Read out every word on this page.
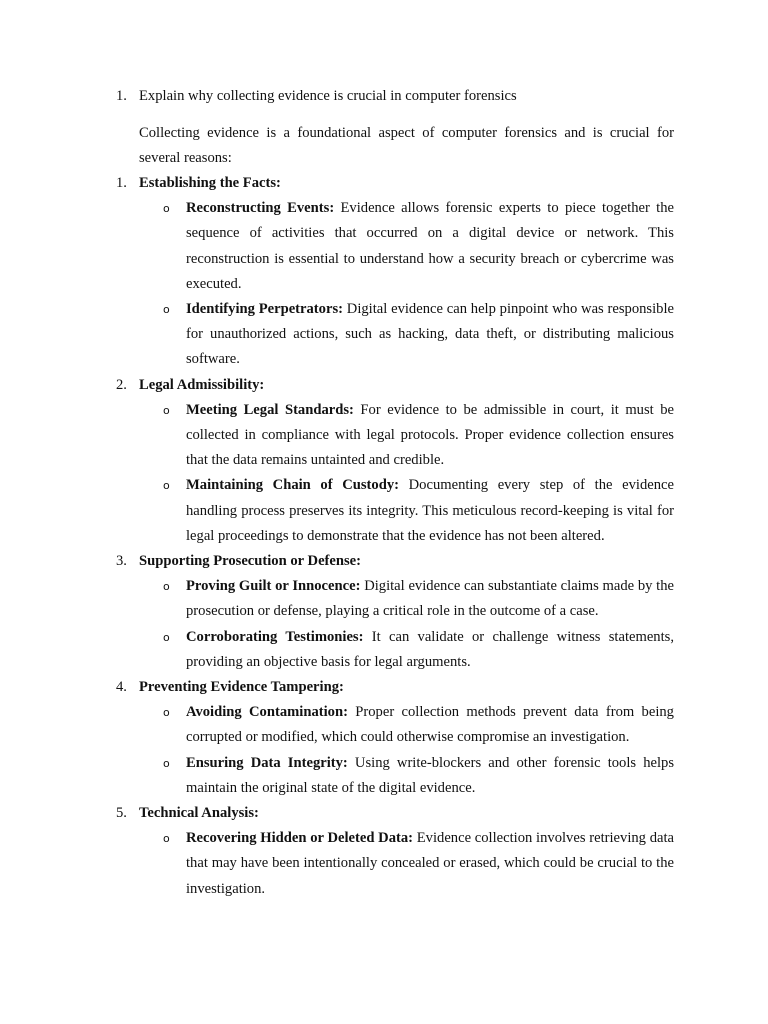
1. Explain why collecting evidence is crucial in computer forensics

Collecting evidence is a foundational aspect of computer forensics and is crucial for several reasons:

1. Establishing the Facts:
o Reconstructing Events: Evidence allows forensic experts to piece together the sequence of activities that occurred on a digital device or network. This reconstruction is essential to understand how a security breach or cybercrime was executed.
o Identifying Perpetrators: Digital evidence can help pinpoint who was responsible for unauthorized actions, such as hacking, data theft, or distributing malicious software.
2. Legal Admissibility:
o Meeting Legal Standards: For evidence to be admissible in court, it must be collected in compliance with legal protocols. Proper evidence collection ensures that the data remains untainted and credible.
o Maintaining Chain of Custody: Documenting every step of the evidence handling process preserves its integrity. This meticulous record-keeping is vital for legal proceedings to demonstrate that the evidence has not been altered.
3. Supporting Prosecution or Defense:
o Proving Guilt or Innocence: Digital evidence can substantiate claims made by the prosecution or defense, playing a critical role in the outcome of a case.
o Corroborating Testimonies: It can validate or challenge witness statements, providing an objective basis for legal arguments.
4. Preventing Evidence Tampering:
o Avoiding Contamination: Proper collection methods prevent data from being corrupted or modified, which could otherwise compromise an investigation.
o Ensuring Data Integrity: Using write-blockers and other forensic tools helps maintain the original state of the digital evidence.
5. Technical Analysis:
o Recovering Hidden or Deleted Data: Evidence collection involves retrieving data that may have been intentionally concealed or erased, which could be crucial to the investigation.
